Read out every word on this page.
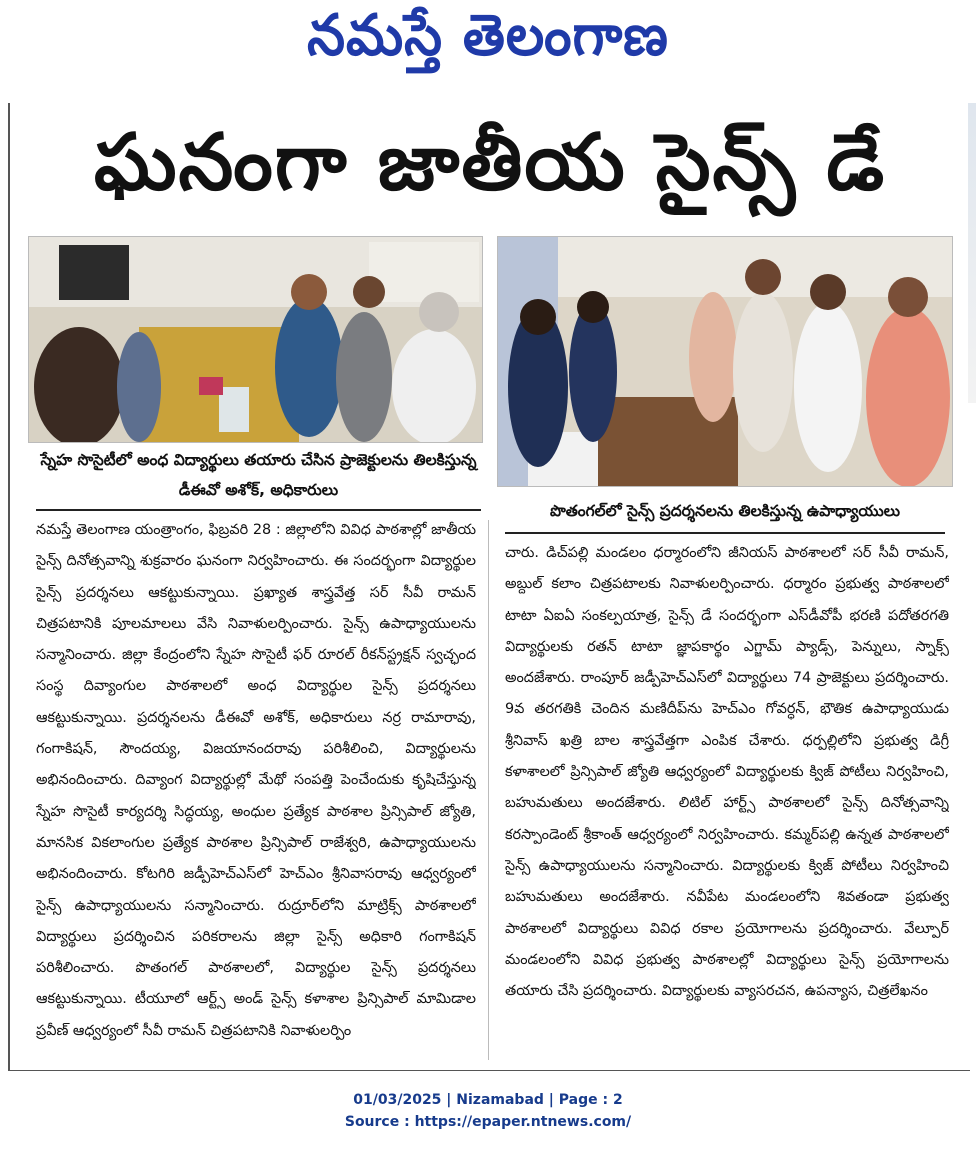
నమస్తే తెలంగాణ
ఘనంగా జాతీయ సైన్స్ డే
స్నేహ సొసైటీలో అంధ విద్యార్థులు తయారు చేసిన ప్రాజెక్టులను తిలకిస్తున్న డీఈవో అశోక్, అధికారులు
పొతంగల్‌లో సైన్స్ ప్రదర్శనలను తిలకిస్తున్న ఉపాధ్యాయులు
నమస్తే తెలంగాణ యంత్రాంగం, ఫిబ్రవరి 28 : జిల్లాలోని వివిధ పాఠశాల్లో జాతీయ సైన్స్ దినోత్సవాన్ని శుక్రవారం ఘనంగా నిర్వహించారు. ఈ సందర్భంగా విద్యార్థుల సైన్స్ ప్రదర్శనలు ఆకట్టుకున్నాయి. ప్రఖ్యాత శాస్త్రవేత్త సర్ సీవీ రామన్ చిత్రపటానికి పూలమాలలు వేసి నివాళులర్పించారు. సైన్స్ ఉపాధ్యాయులను సన్మానించారు. జిల్లా కేంద్రంలోని స్నేహ సొసైటీ ఫర్ రూరల్ రీకన్‌స్ట్రక్షన్ స్వచ్ఛంద సంస్థ దివ్యాంగుల పాఠశాలలో అంధ విద్యార్థుల సైన్స్ ప్రదర్శనలు ఆకట్టుకున్నాయి. ప్రదర్శనలను డీఈవో అశోక్, అధికారులు నర్ర రామారావు, గంగాకిషన్, సౌందయ్య, విజయానందరావు పరిశీలించి, విద్యార్థులను అభినందించారు. దివ్యాంగ విద్యార్థుల్లో మేథో సంపత్తి పెంచేందుకు కృషిచేస్తున్న స్నేహ సొసైటీ కార్యదర్శి సిద్ధయ్య, అంధుల ప్రత్యేక పాఠశాల ప్రిన్సిపాల్ జ్యోతి, మానసిక వికలాంగుల ప్రత్యేక పాఠశాల ప్రిన్సిపాల్ రాజేశ్వరి, ఉపాధ్యాయులను అభినందించారు. కోటగిరి జడ్పీహెచ్‌ఎస్‌లో హెచ్‌ఎం శ్రీనివాసరావు ఆధ్వర్యంలో సైన్స్ ఉపాధ్యాయులను సన్మానించారు. రుద్రూర్‌లోని మాట్రిక్స్ పాఠశాలలో విద్యార్థులు ప్రదర్శించిన పరికరాలను జిల్లా సైన్స్ అధికారి గంగాకిషన్ పరిశీలించారు. పొతంగల్ పాఠశాలలో, విద్యార్థుల సైన్స్ ప్రదర్శనలు ఆకట్టుకున్నాయి. టీయూలో ఆర్ట్స్ అండ్ సైన్స్ కళాశాల ప్రిన్సిపాల్ మామిడాల ప్రవీణ్ ఆధ్వర్యంలో సీవీ రామన్ చిత్రపటానికి నివాళులర్పిం
చారు. డిచ్‌పల్లి మండలం ధర్మారంలోని జీనియస్ పాఠశాలలో సర్ సీవీ రామన్, అబ్దుల్ కలాం చిత్రపటాలకు నివాళులర్పించారు. ధర్మారం ప్రభుత్వ పాఠశాలలో టాటా ఏఐఏ సంకల్పయాత్ర, సైన్స్ డే సందర్భంగా ఎస్‌డీవోపీ భరణి పదోతరగతి విద్యార్థులకు రతన్ టాటా జ్ఞాపకార్థం ఎగ్జామ్ ప్యాడ్స్, పెన్నులు, స్నాక్స్ అందజేశారు. రాంపూర్ జడ్పీహెచ్‌ఎస్‌లో విద్యార్థులు 74 ప్రాజెక్టులు ప్రదర్శించారు. 9వ తరగతికి చెందిన మణిదీప్‌ను హెచ్‌ఎం గోవర్ధన్, భౌతిక ఉపాధ్యాయుడు శ్రీనివాస్ ఖత్రి బాల శాస్త్రవేత్తగా ఎంపిక చేశారు. ధర్పల్లిలోని ప్రభుత్వ డిగ్రీ కళాశాలలో ప్రిన్సిపాల్ జ్యోతి ఆధ్వర్యంలో విద్యార్థులకు క్విజ్ పోటీలు నిర్వహించి, బహుమతులు అందజేశారు. లిటిల్ హార్ట్స్ పాఠశాలలో సైన్స్ దినోత్సవాన్ని కరస్పాండెంట్ శ్రీకాంత్ ఆధ్వర్యంలో నిర్వహించారు. కమ్మర్‌పల్లి ఉన్నత పాఠశాలలో సైన్స్ ఉపాధ్యాయులను సన్మానించారు. విద్యార్థులకు క్విజ్ పోటీలు నిర్వహించి బహుమతులు అందజేశారు. నవీపేట మండలంలోని శివతండా ప్రభుత్వ పాఠశాలలో విద్యార్థులు వివిధ రకాల ప్రయోగాలను ప్రదర్శించారు. వేల్పూర్ మండలంలోని వివిధ ప్రభుత్వ పాఠశాలల్లో విద్యార్థులు సైన్స్ ప్రయోగాలను తయారు చేసి ప్రదర్శించారు. విద్యార్థులకు వ్యాసరచన, ఉపన్యాస, చిత్రలేఖనం
01/03/2025 | Nizamabad | Page : 2
Source : https://epaper.ntnews.com/
